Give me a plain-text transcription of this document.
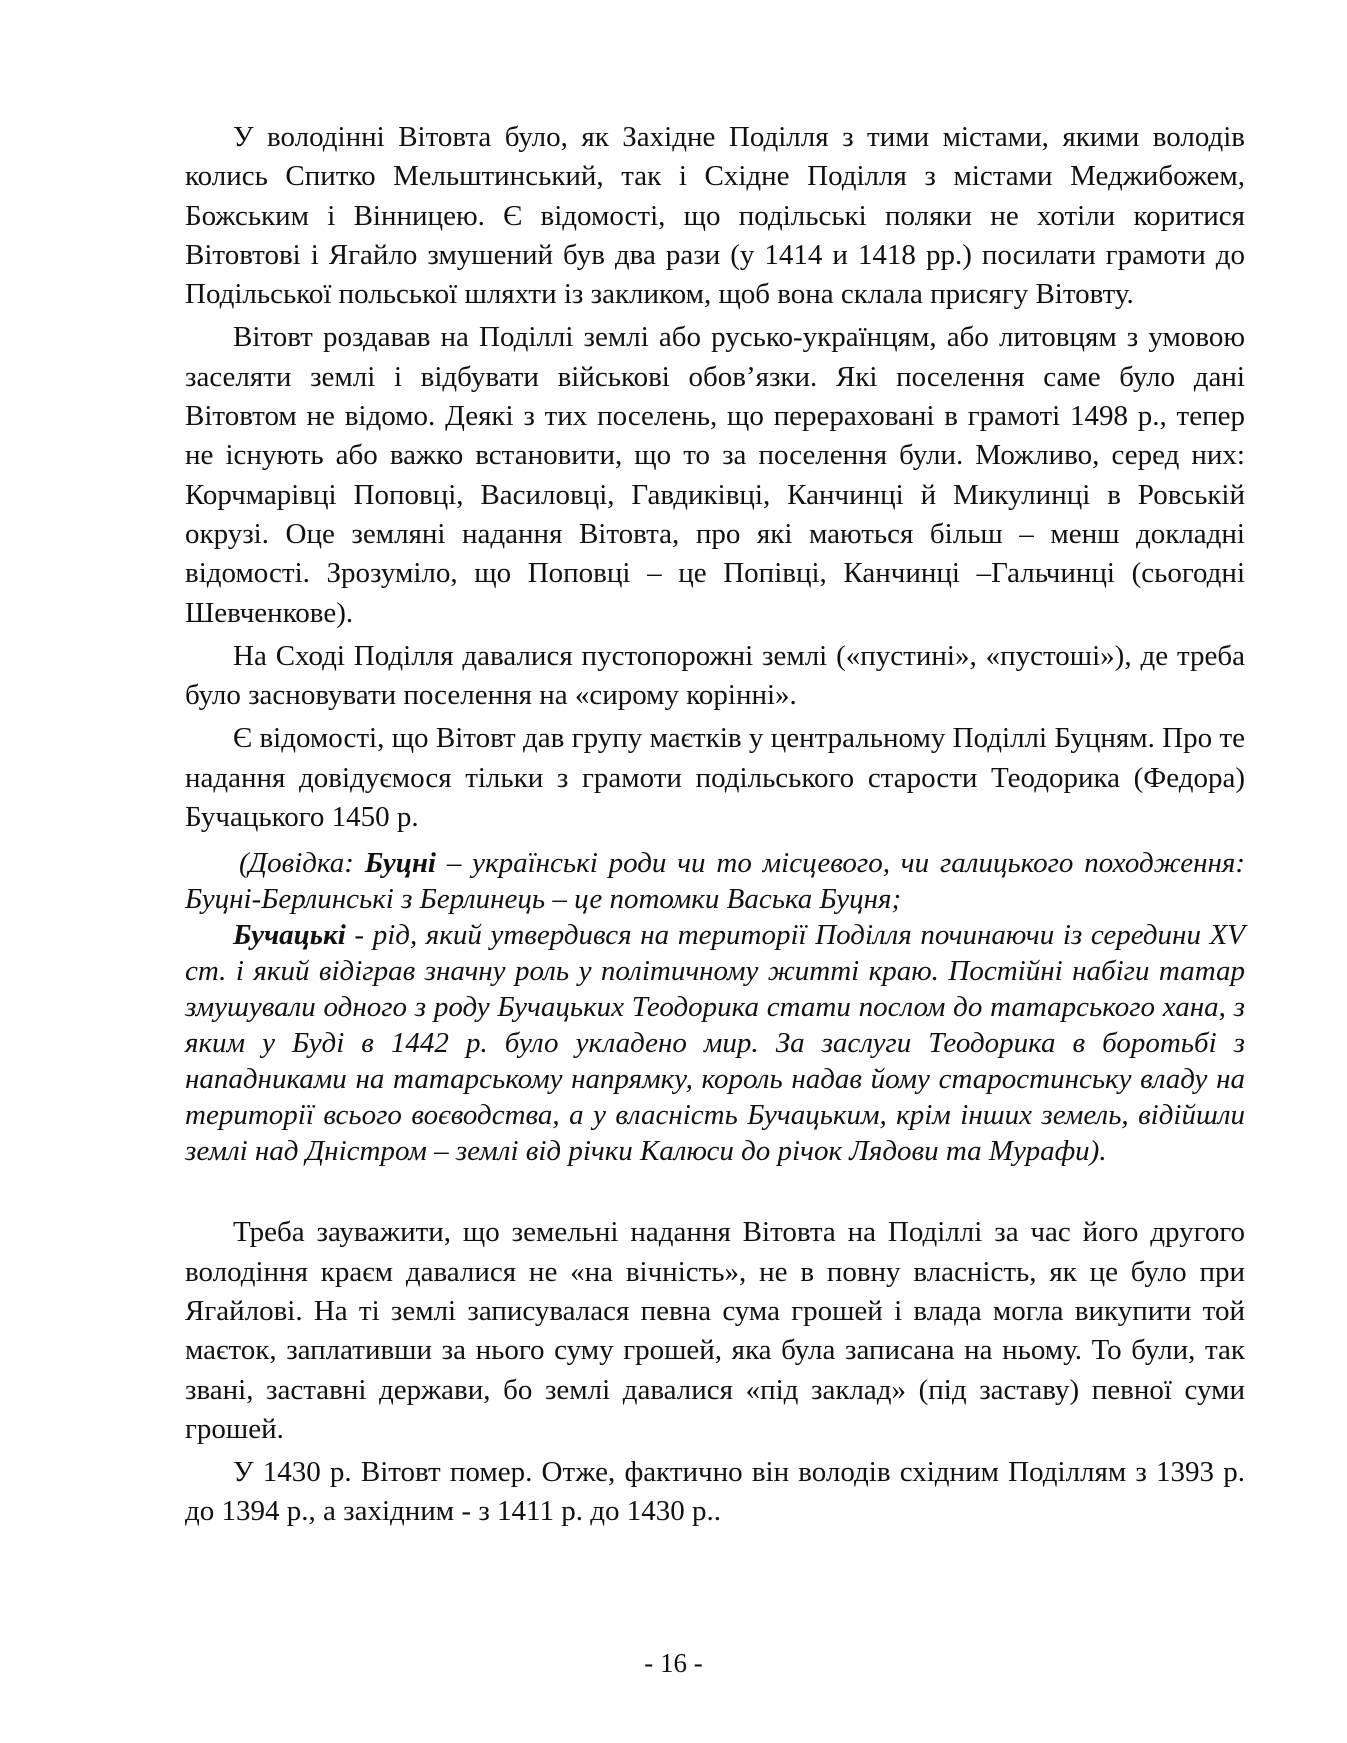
У володінні Вітовта було, як Західне Поділля з тими містами, якими володів колись Спитко Мельштинський, так і Східне Поділля з містами Меджибожем, Божським і Вінницею. Є відомості, що подільські поляки не хотіли коритися Вітовтові і Ягайло змушений був два рази (у 1414 и 1418 рр.) посилати грамоти до Подільської польської шляхти із закликом, щоб вона склала присягу Вітовту.

Вітовт роздавав на Поділлі землі або русько-українцям, або литовцям з умовою заселяти землі і відбувати військові обов’язки. Які поселення саме було дані Вітовтом не відомо. Деякі з тих поселень, що перераховані в грамоті 1498 р., тепер не існують або важко встановити, що то за поселення були. Можливо, серед них: Корчмарівці Поповці, Василовці, Гавдиківці, Канчинці й Микулинці в Ровській окрузі. Оце земляні надання Вітовта, про які маються більш – менш докладні відомості. Зрозуміло, що Поповці – це Попівці, Канчинці –Гальчинці (сьогодні Шевченкове).

На Сході Поділля давалися пустопорожні землі («пустині», «пустоші»), де треба було засновувати поселення на «сирому корінні».

Є відомості, що Вітовт дав групу маєтків у центральному Поділлі Буцням. Про те надання довідуємося тільки з грамоти подільського старости Теодорика (Федора) Бучацького 1450 р.

(Довідка: Буцні – українські роди чи то місцевого, чи галицького походження: Буцні-Берлинські з Берлинець – це потомки Васька Буцня;

Бучацькі - рід, який утвердився на території Поділля починаючи із середини XV ст. і який відіграв значну роль у політичному житті краю. Постійні набіги татар змушували одного з роду Бучацьких Теодорика стати послом до татарського хана, з яким у Буді в 1442 р. було укладено мир. За заслуги Теодорика в боротьбі з нападниками на татарському напрямку, король надав йому старостинську владу на території всього воєводства, а у власність Бучацьким, крім інших земель, відійшли землі над Дністром – землі від річки Калюси до річок Лядови та Мурафи).

Треба зауважити, що земельні надання Вітовта на Поділлі за час його другого володіння краєм давалися не «на вічність», не в повну власність, як це було при Ягайлові. На ті землі записувалася певна сума грошей і влада могла викупити той маєток, заплативши за нього суму грошей, яка була записана на ньому. То були, так звані, заставні держави, бо землі давалися «під заклад» (під заставу) певної суми грошей.

У 1430 р. Вітовт помер. Отже, фактично він володів східним Поділлям з 1393 р. до 1394 р., а західним - з 1411 р. до 1430 р..

- 16 -
